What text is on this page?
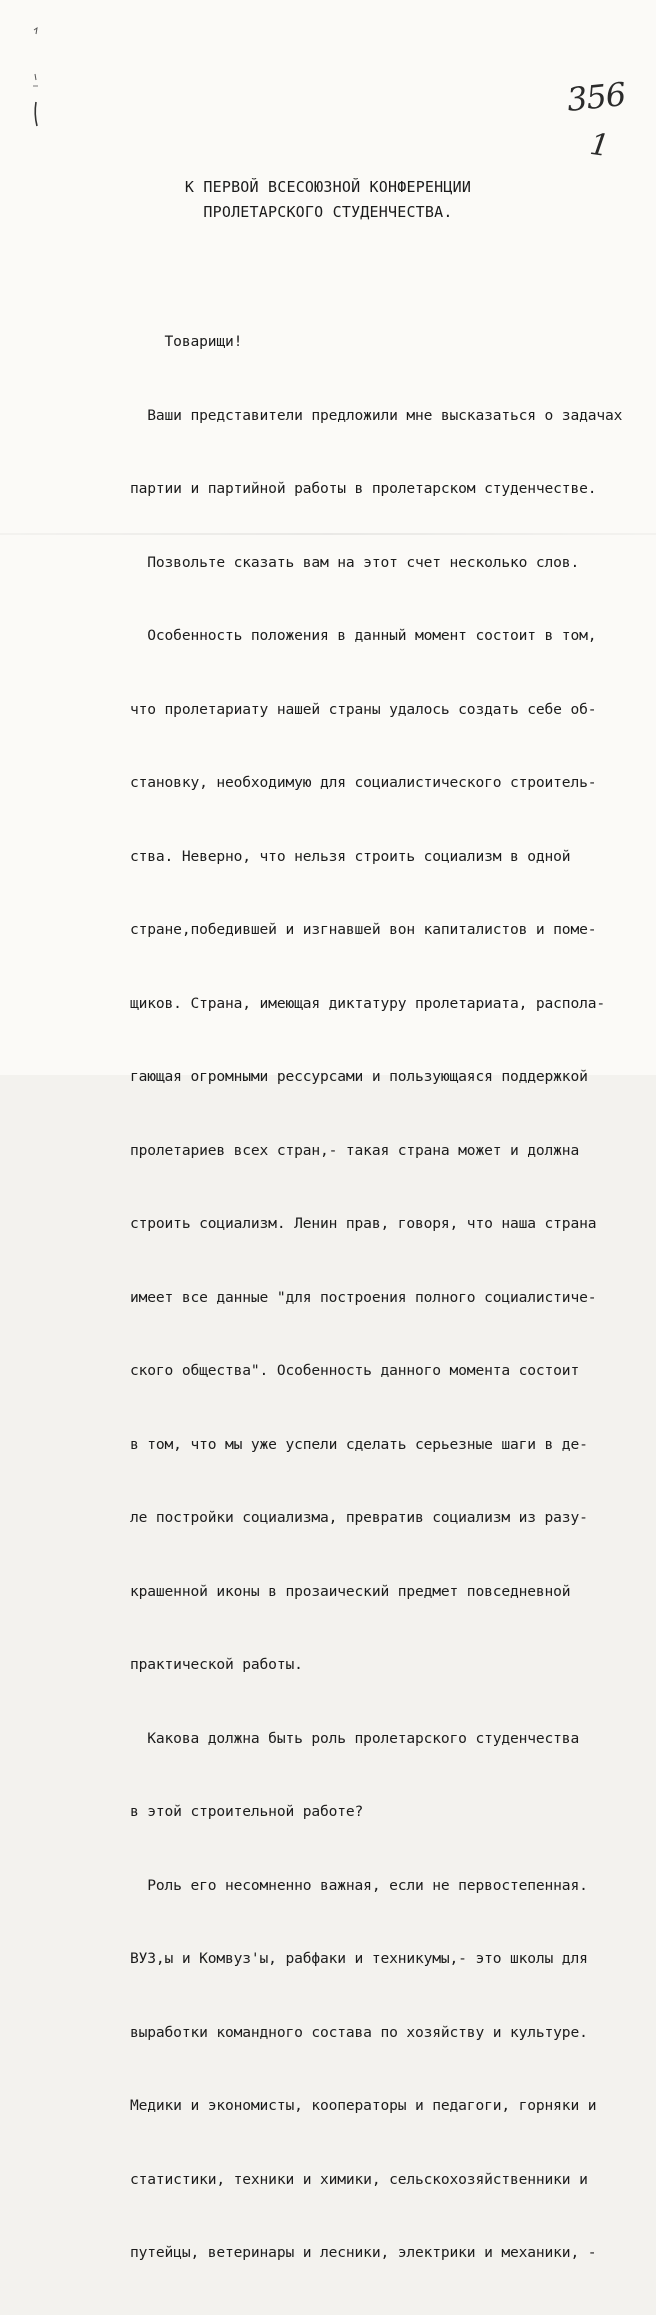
356
1
К ПЕРВОЙ ВСЕСОЮЗНОЙ КОНФЕРЕНЦИИ
ПРОЛЕТАРСКОГО СТУДЕНЧЕСТВА.

Товарищи!

Ваши представители предложили мне высказаться о задачах

партии и партийной работы в пролетарском студенчестве.

Позвольте сказать вам на этот счет несколько слов.

Особенность положения в данный момент состоит в том,

что пролетариату нашей страны удалось создать себе об-

становку, необходимую для социалистического строитель-

ства. Неверно, что нельзя строить социализм в одной

стране,победившей и изгнавшей вон капиталистов и поме-

щиков. Страна, имеющая диктатуру пролетариата, распола-

гающая огромными рессурсами и пользующаяся поддержкой

пролетариев всех стран,- такая страна может и должна

строить социализм. Ленин прав, говоря, что наша страна

имеет все данные "для построения полного социалистиче-

ского общества". Особенность данного момента состоит

в том, что мы уже успели сделать серьезные шаги в де-

ле постройки социализма, превратив социализм из разу-

крашенной иконы в прозаический предмет повседневной

практической работы.

Какова должна быть роль пролетарского студенчества

в этой строительной работе?

Роль его несомненно важная, если не первостепенная.

ВУЗ,ы и Комвуз'ы, рабфаки и техникумы,- это школы для

выработки командного состава по хозяйству и культуре.

Медики и экономисты, кооператоры и педагоги, горняки и

статистики, техники и химики, сельскохозяйственники и

путейцы, ветеринары и лесники, электрики и механики, -
